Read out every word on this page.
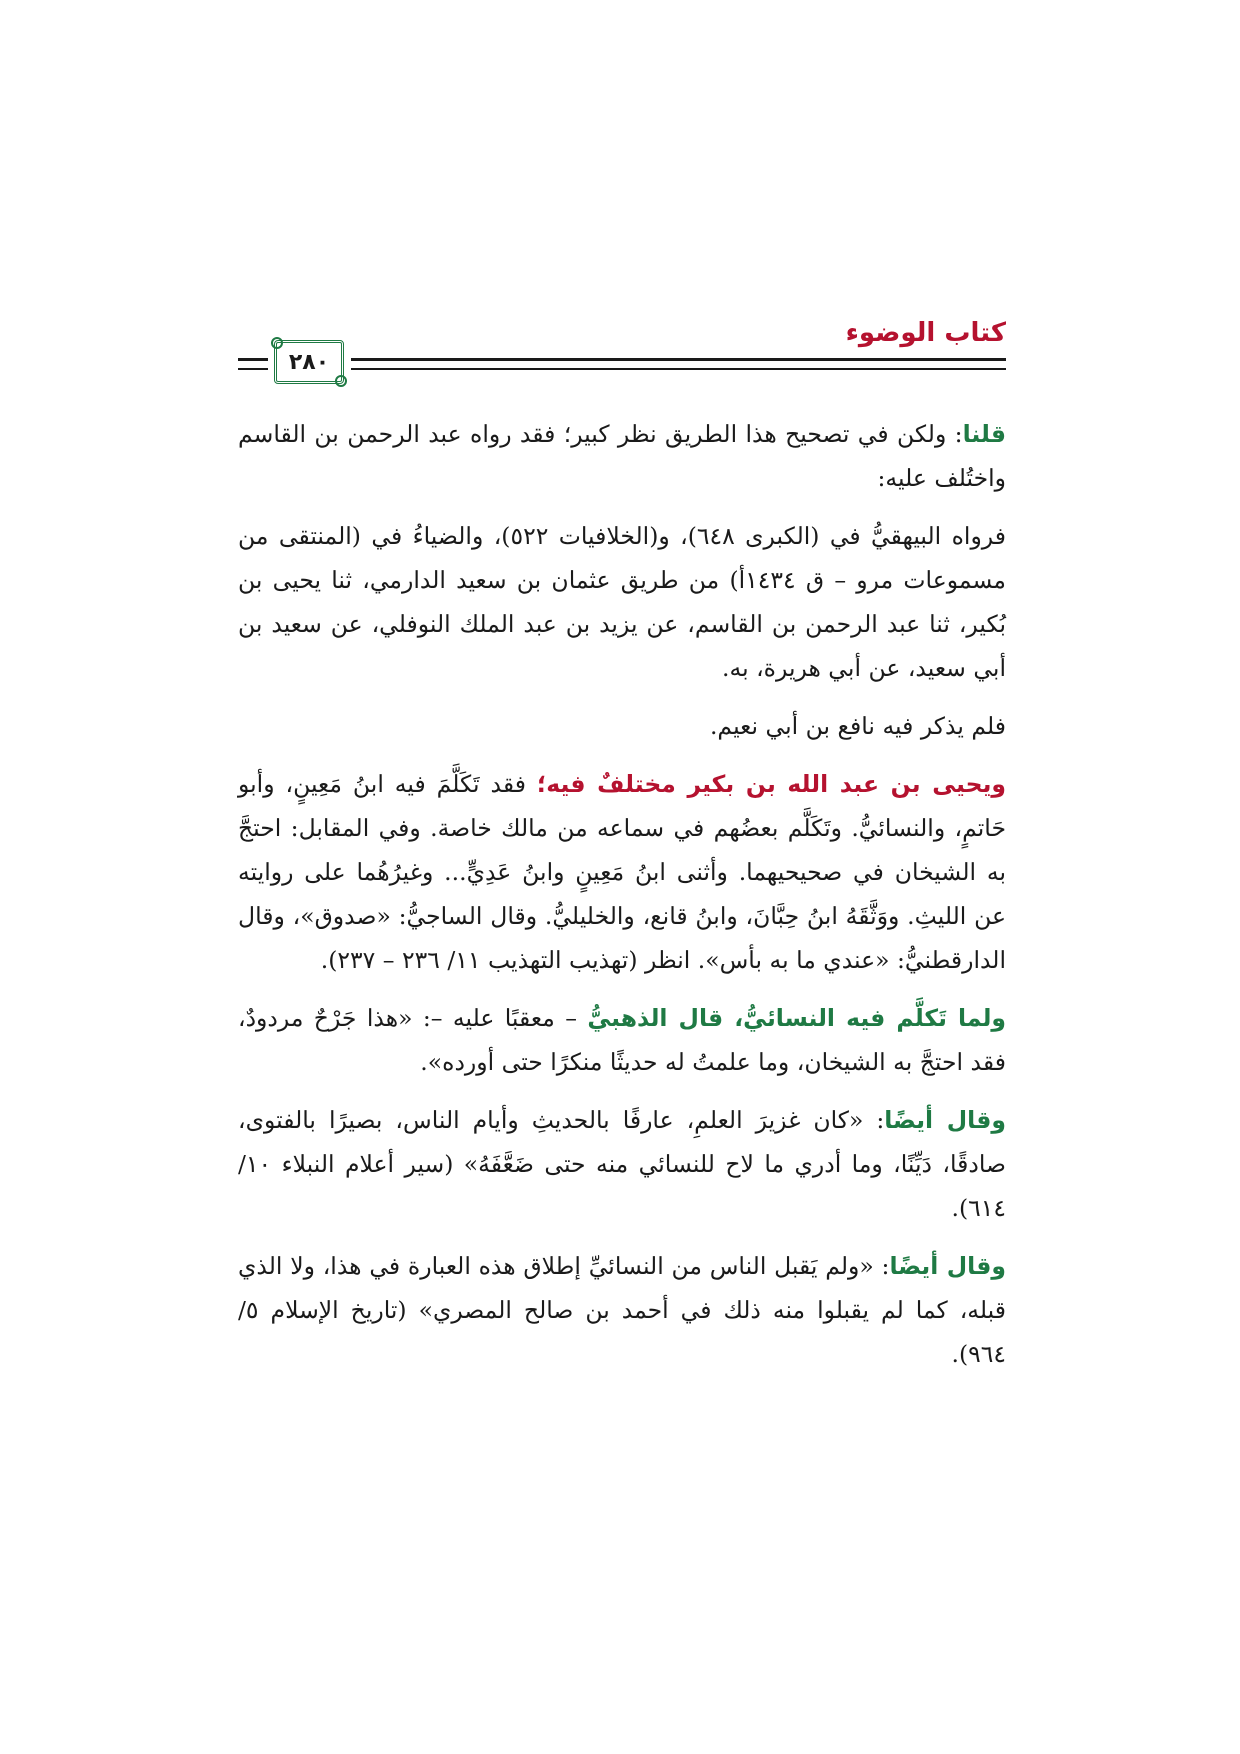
كتاب الوضوء
٢٨٠

قلنا: ولكن في تصحيح هذا الطريق نظر كبير؛ فقد رواه عبد الرحمن بن القاسم واختُلف عليه:

فرواه البيهقيُّ في (الكبرى ٦٤٨)، و(الخلافيات ٥٢٢)، والضياءُ في (المنتقى من مسموعات مرو – ق ١٤٣٤أ) من طريق عثمان بن سعيد الدارمي، ثنا يحيى بن بُكير، ثنا عبد الرحمن بن القاسم، عن يزيد بن عبد الملك النوفلي، عن سعيد بن أبي سعيد، عن أبي هريرة، به.

فلم يذكر فيه نافع بن أبي نعيم.

ويحيى بن عبد الله بن بكير مختلفٌ فيه؛ فقد تَكَلَّمَ فيه ابنُ مَعِينٍ، وأبو حَاتمٍ، والنسائيُّ. وتَكَلَّم بعضُهم في سماعه من مالك خاصة. وفي المقابل: احتجَّ به الشيخان في صحيحيهما. وأثنى ابنُ مَعِينٍ وابنُ عَدِيٍّ... وغيرُهُما على روايته عن الليثِ. ووَثَّقَهُ ابنُ حِبَّانَ، وابنُ قانع، والخليليُّ. وقال الساجيُّ: «صدوق»، وقال الدارقطنيُّ: «عندي ما به بأس». انظر (تهذيب التهذيب ١١/ ٢٣٦ – ٢٣٧).

ولما تَكلَّم فيه النسائيُّ، قال الذهبيُّ – معقبًا عليه –: «هذا جَرْحٌ مردودٌ، فقد احتجَّ به الشيخان، وما علمتُ له حديثًا منكرًا حتى أورده».

وقال أيضًا: «كان غزيرَ العلمِ، عارفًا بالحديثِ وأيام الناس، بصيرًا بالفتوى، صادقًا، دَيِّنًا، وما أدري ما لاح للنسائي منه حتى ضَعَّفَهُ» (سير أعلام النبلاء ١٠/ ٦١٤).

وقال أيضًا: «ولم يَقبل الناس من النسائيِّ إطلاق هذه العبارة في هذا، ولا الذي قبله، كما لم يقبلوا منه ذلك في أحمد بن صالح المصري» (تاريخ الإسلام ٥/ ٩٦٤).
